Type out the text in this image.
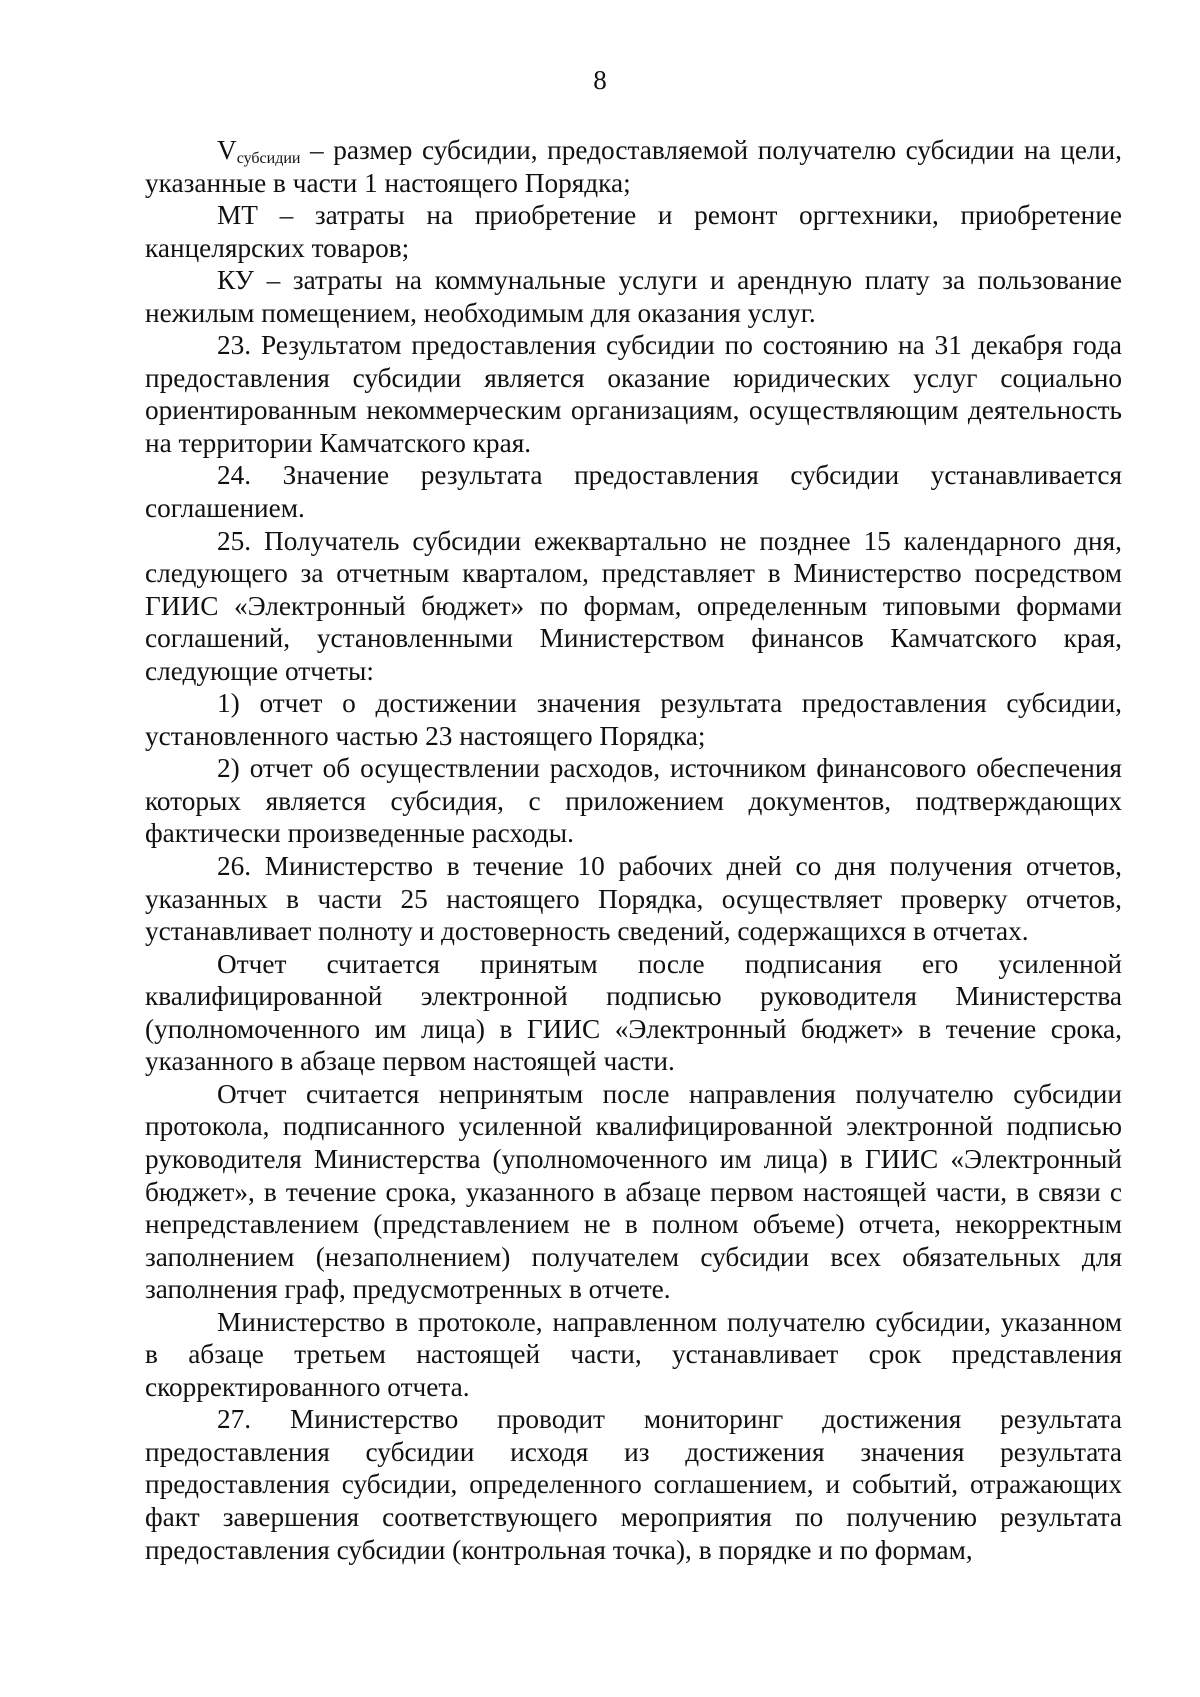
8

$V_{субсидии}$ – размер субсидии, предоставляемой получателю субсидии на цели, указанные в части 1 настоящего Порядка;

МТ – затраты на приобретение и ремонт оргтехники, приобретение канцелярских товаров;

КУ – затраты на коммунальные услуги и арендную плату за пользование нежилым помещением, необходимым для оказания услуг.

23. Результатом предоставления субсидии по состоянию на 31 декабря года предоставления субсидии является оказание юридических услуг социально ориентированным некоммерческим организациям, осуществляющим деятельность на территории Камчатского края.

24. Значение результата предоставления субсидии устанавливается соглашением.

25. Получатель субсидии ежеквартально не позднее 15 календарного дня, следующего за отчетным кварталом, представляет в Министерство посредством ГИИС «Электронный бюджет» по формам, определенным типовыми формами соглашений, установленными Министерством финансов Камчатского края, следующие отчеты:

1) отчет о достижении значения результата предоставления субсидии, установленного частью 23 настоящего Порядка;

2) отчет об осуществлении расходов, источником финансового обеспечения которых является субсидия, с приложением документов, подтверждающих фактически произведенные расходы.

26. Министерство в течение 10 рабочих дней со дня получения отчетов, указанных в части 25 настоящего Порядка, осуществляет проверку отчетов, устанавливает полноту и достоверность сведений, содержащихся в отчетах.

Отчет считается принятым после подписания его усиленной квалифицированной электронной подписью руководителя Министерства (уполномоченного им лица) в ГИИС «Электронный бюджет» в течение срока, указанного в абзаце первом настоящей части.

Отчет считается непринятым после направления получателю субсидии протокола, подписанного усиленной квалифицированной электронной подписью руководителя Министерства (уполномоченного им лица) в ГИИС «Электронный бюджет», в течение срока, указанного в абзаце первом настоящей части, в связи с непредставлением (представлением не в полном объеме) отчета, некорректным заполнением (незаполнением) получателем субсидии всех обязательных для заполнения граф, предусмотренных в отчете.

Министерство в протоколе, направленном получателю субсидии, указанном в абзаце третьем настоящей части, устанавливает срок представления скорректированного отчета.

27. Министерство проводит мониторинг достижения результата предоставления субсидии исходя из достижения значения результата предоставления субсидии, определенного соглашением, и событий, отражающих факт завершения соответствующего мероприятия по получению результата предоставления субсидии (контрольная точка), в порядке и по формам,
